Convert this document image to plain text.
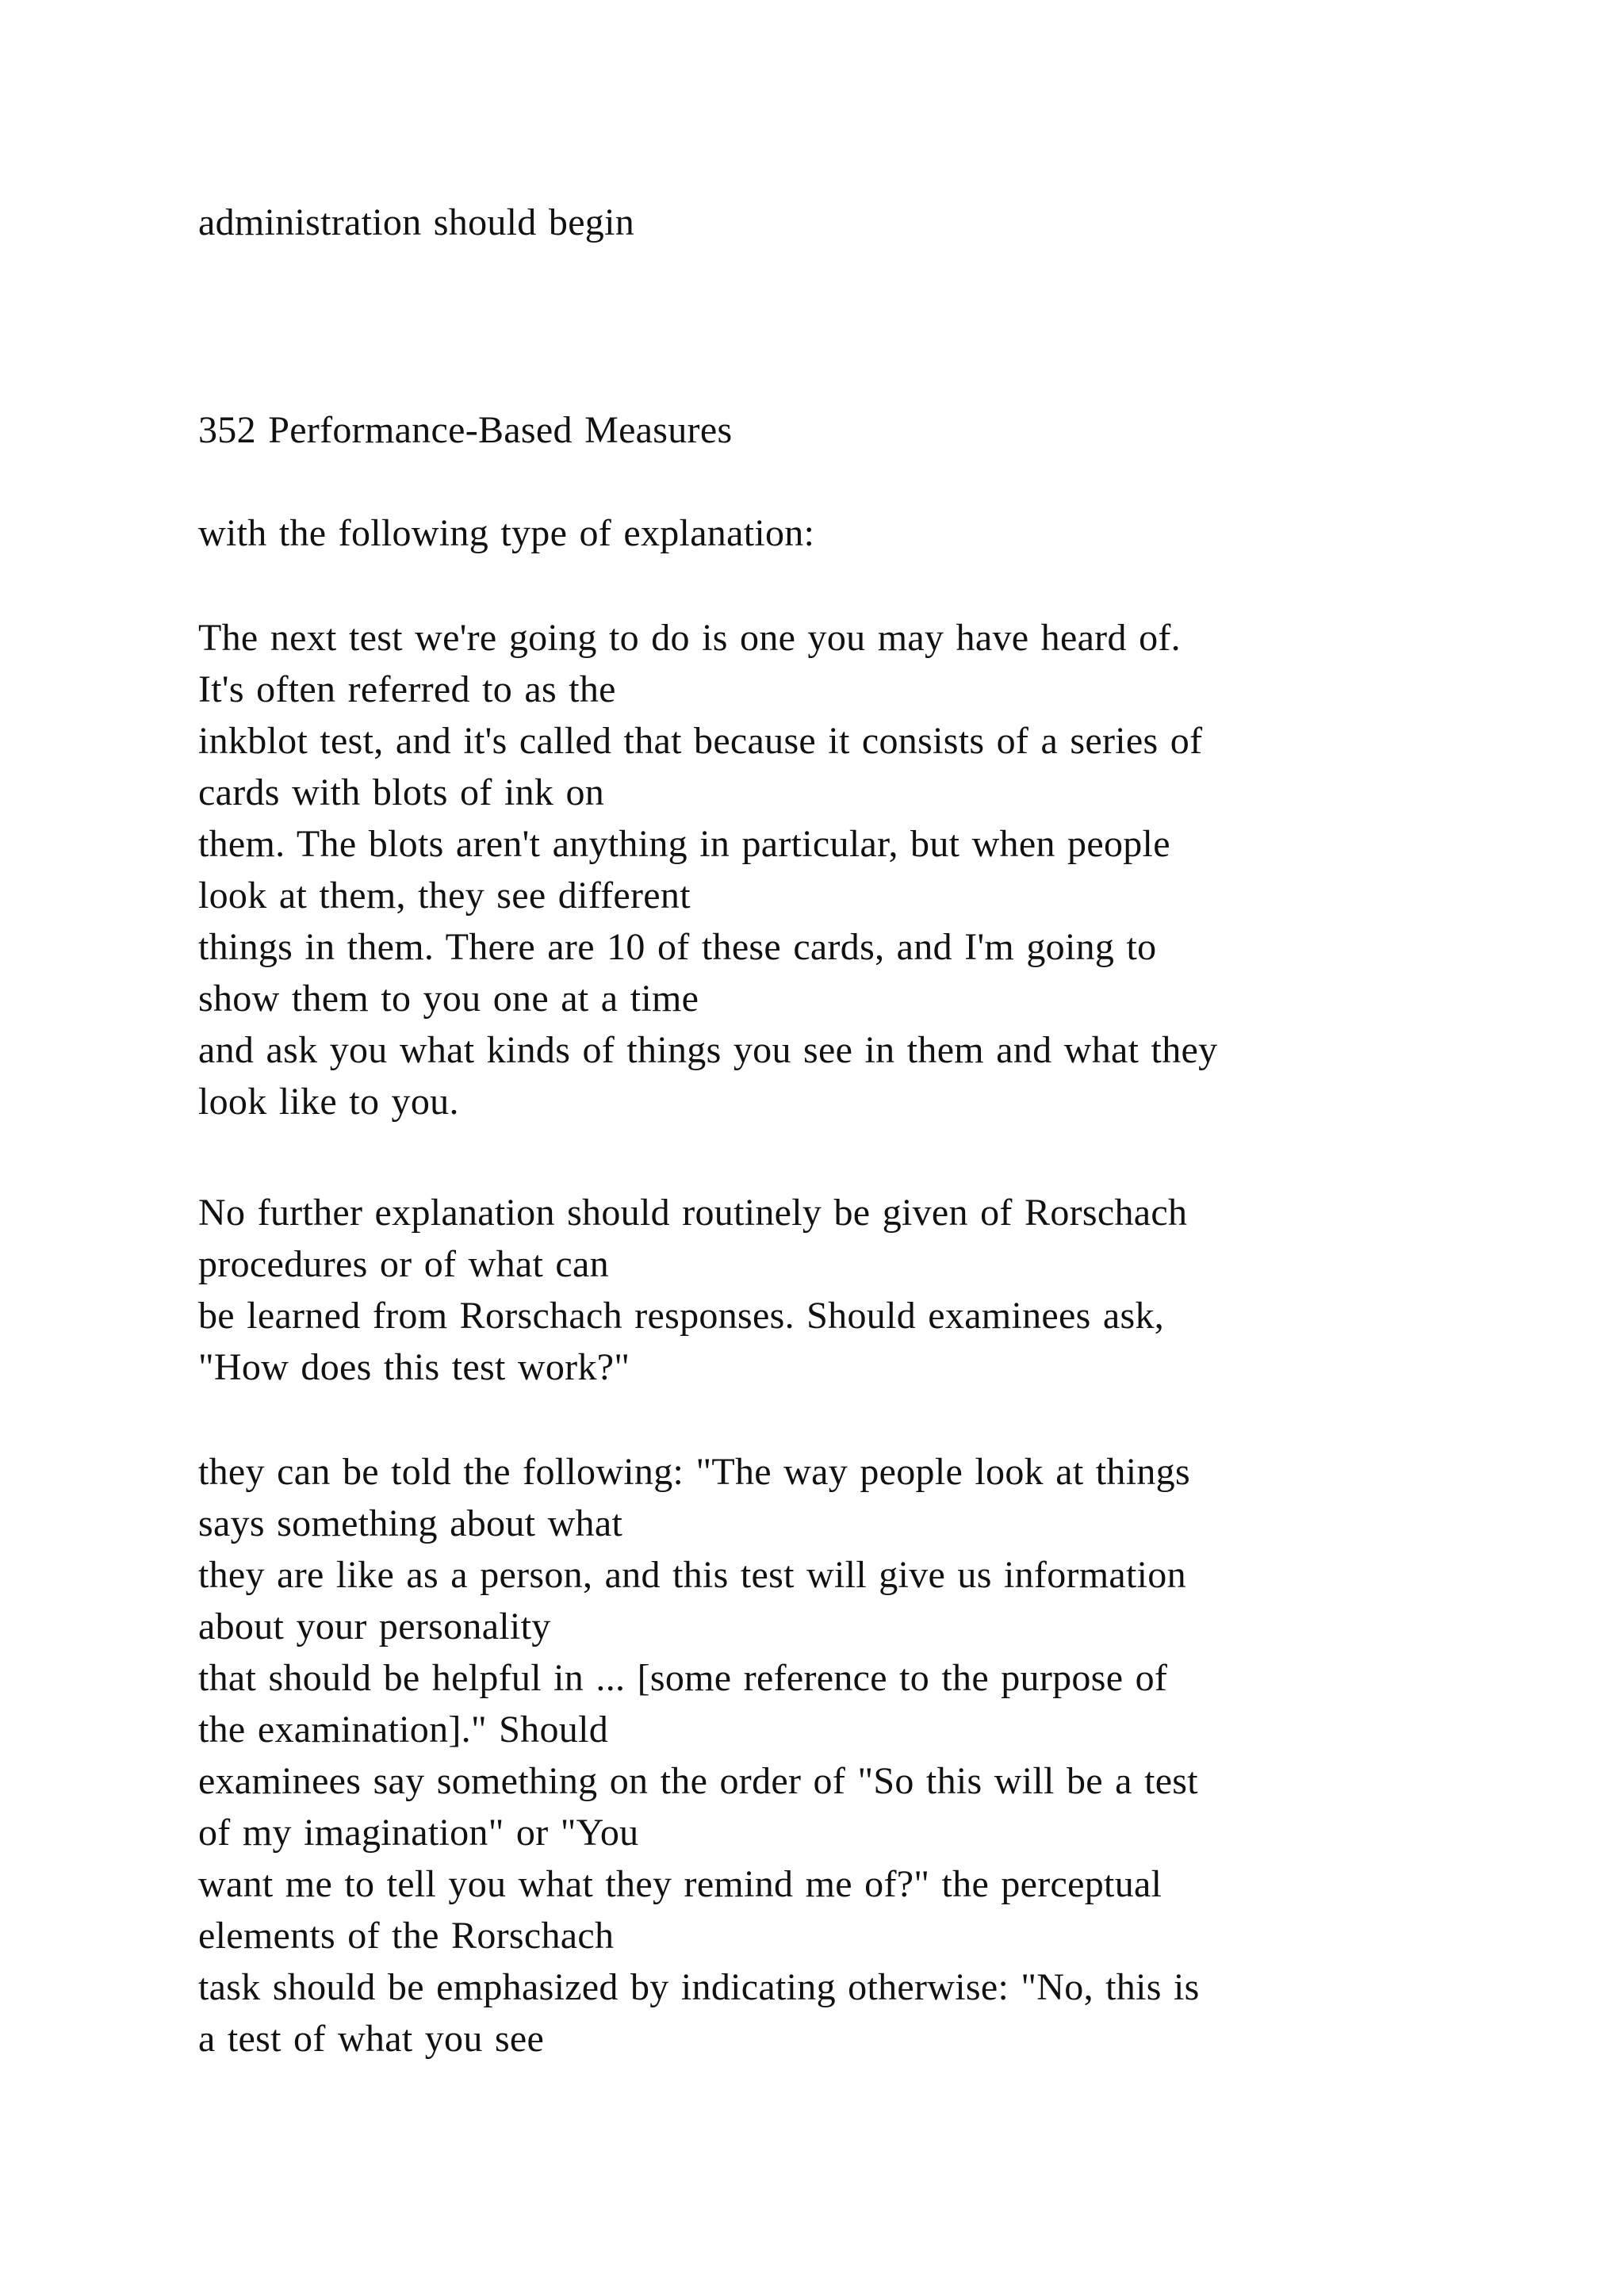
administration should begin
352 Performance-Based Measures
with the following type of explanation:
The next test we're going to do is one you may have heard of.
It's often referred to as the
inkblot test, and it's called that because it consists of a series of
cards with blots of ink on
them. The blots aren't anything in particular, but when people
look at them, they see different
things in them. There are 10 of these cards, and I'm going to
show them to you one at a time
and ask you what kinds of things you see in them and what they
look like to you.
No further explanation should routinely be given of Rorschach
procedures or of what can
be learned from Rorschach responses. Should examinees ask,
"How does this test work?"
they can be told the following: "The way people look at things
says something about what
they are like as a person, and this test will give us information
about your personality
that should be helpful in ... [some reference to the purpose of
the examination]." Should
examinees say something on the order of "So this will be a test
of my imagination" or "You
want me to tell you what they remind me of?" the perceptual
elements of the Rorschach
task should be emphasized by indicating otherwise: "No, this is
a test of what you see
